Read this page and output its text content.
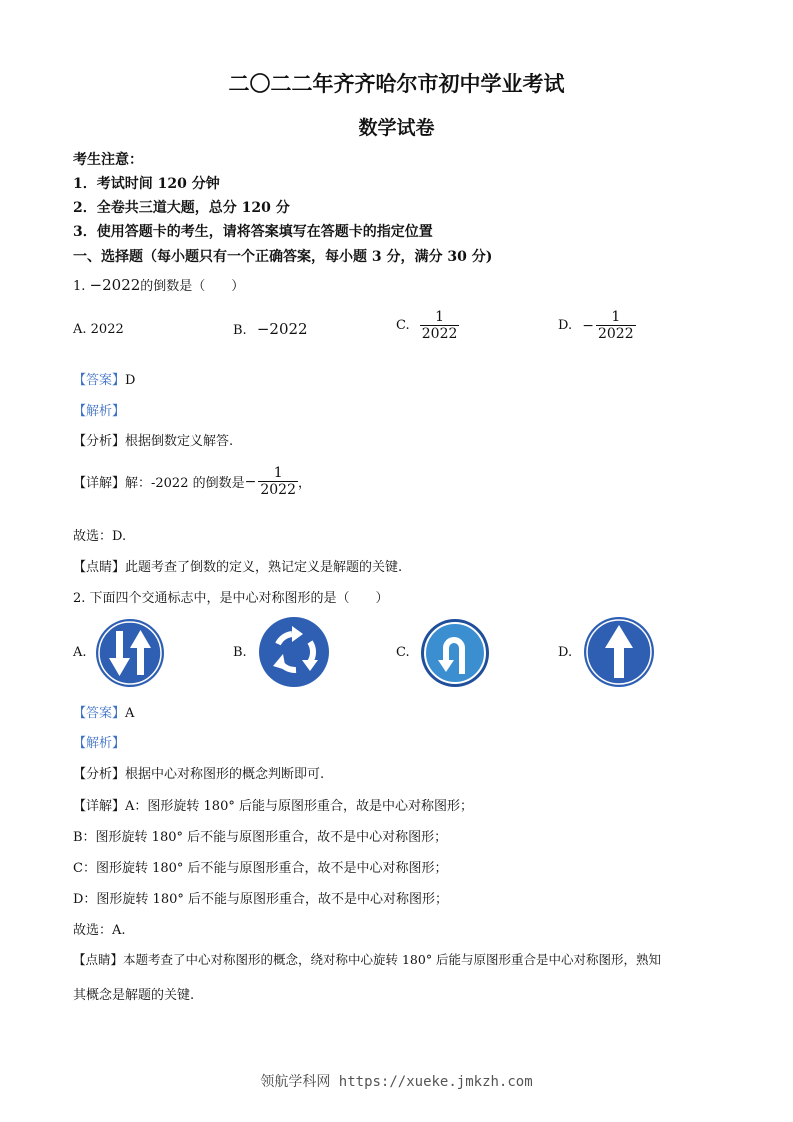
二〇二二年齐齐哈尔市初中学业考试
数学试卷
考生注意：
1．考试时间 120 分钟
2．全卷共三道大题，总分 120 分
3．使用答题卡的考生，请将答案填写在答题卡的指定位置
一、选择题（每小题只有一个正确答案，每小题 3 分，满分 30 分)
1. −2022的倒数是（　　）
A. 2022	B. −2022	C. $\frac{1}{2022}$	D. − $\frac{1}{2022}$
【答案】D
【解析】
【分析】根据倒数定义解答.
【详解】解：-2022 的倒数是− $\frac{1}{2022}$ ，
故选：D.
【点睛】此题考查了倒数的定义，熟记定义是解题的关键.
2. 下面四个交通标志中，是中心对称图形的是（　　）
A.	B.	C.	D.
【答案】A
【解析】
【分析】根据中心对称图形的概念判断即可.
【详解】A：图形旋转 180° 后能与原图形重合，故是中心对称图形；
B：图形旋转 180° 后不能与原图形重合，故不是中心对称图形；
C：图形旋转 180° 后不能与原图形重合，故不是中心对称图形；
D：图形旋转 180° 后不能与原图形重合，故不是中心对称图形；
故选：A.
【点睛】本题考查了中心对称图形的概念，绕对称中心旋转 180° 后能与原图形重合是中心对称图形，熟知
其概念是解题的关键.
领航学科网 https://xueke.jmkzh.com
